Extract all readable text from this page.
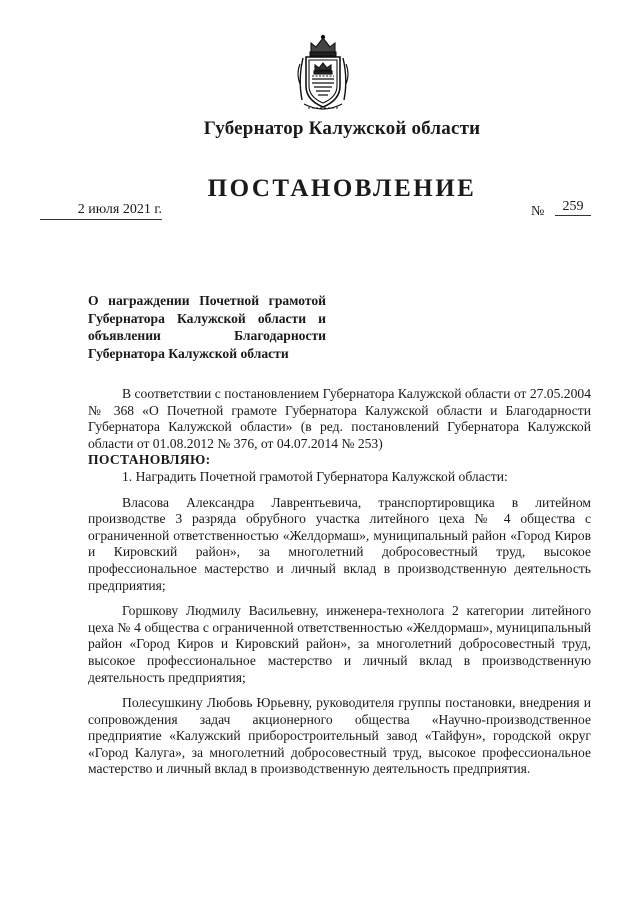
Губернатор Калужской области
ПОСТАНОВЛЕНИЕ
2 июля 2021 г.	№	259
О награждении Почетной грамотой Губернатора Калужской области и объявлении Благодарности Губернатора Калужской области

В соответствии с постановлением Губернатора Калужской области от 27.05.2004 № 368 «О Почетной грамоте Губернатора Калужской области и Благодарности Губернатора Калужской области» (в ред. постановлений Губернатора Калужской области от 01.08.2012 № 376, от 04.07.2014 № 253)

ПОСТАНОВЛЯЮ:

1. Наградить Почетной грамотой Губернатора Калужской области:

Власова Александра Лаврентьевича, транспортировщика в литейном производстве 3 разряда обрубного участка литейного цеха № 4 общества с ограниченной ответственностью «Желдормаш», муниципальный район «Город Киров и Кировский район», за многолетний добросовестный труд, высокое профессиональное мастерство и личный вклад в производственную деятельность предприятия;

Горшкову Людмилу Васильевну, инженера-технолога 2 категории литейного цеха № 4 общества с ограниченной ответственностью «Желдормаш», муниципальный район «Город Киров и Кировский район», за многолетний добросовестный труд, высокое профессиональное мастерство и личный вклад в производственную деятельность предприятия;

Полесушкину Любовь Юрьевну, руководителя группы постановки, внедрения и сопровождения задач акционерного общества «Научно-производственное предприятие «Калужский приборостроительный завод «Тайфун», городской округ «Город Калуга», за многолетний добросовестный труд, высокое профессиональное мастерство и личный вклад в производственную деятельность предприятия.
